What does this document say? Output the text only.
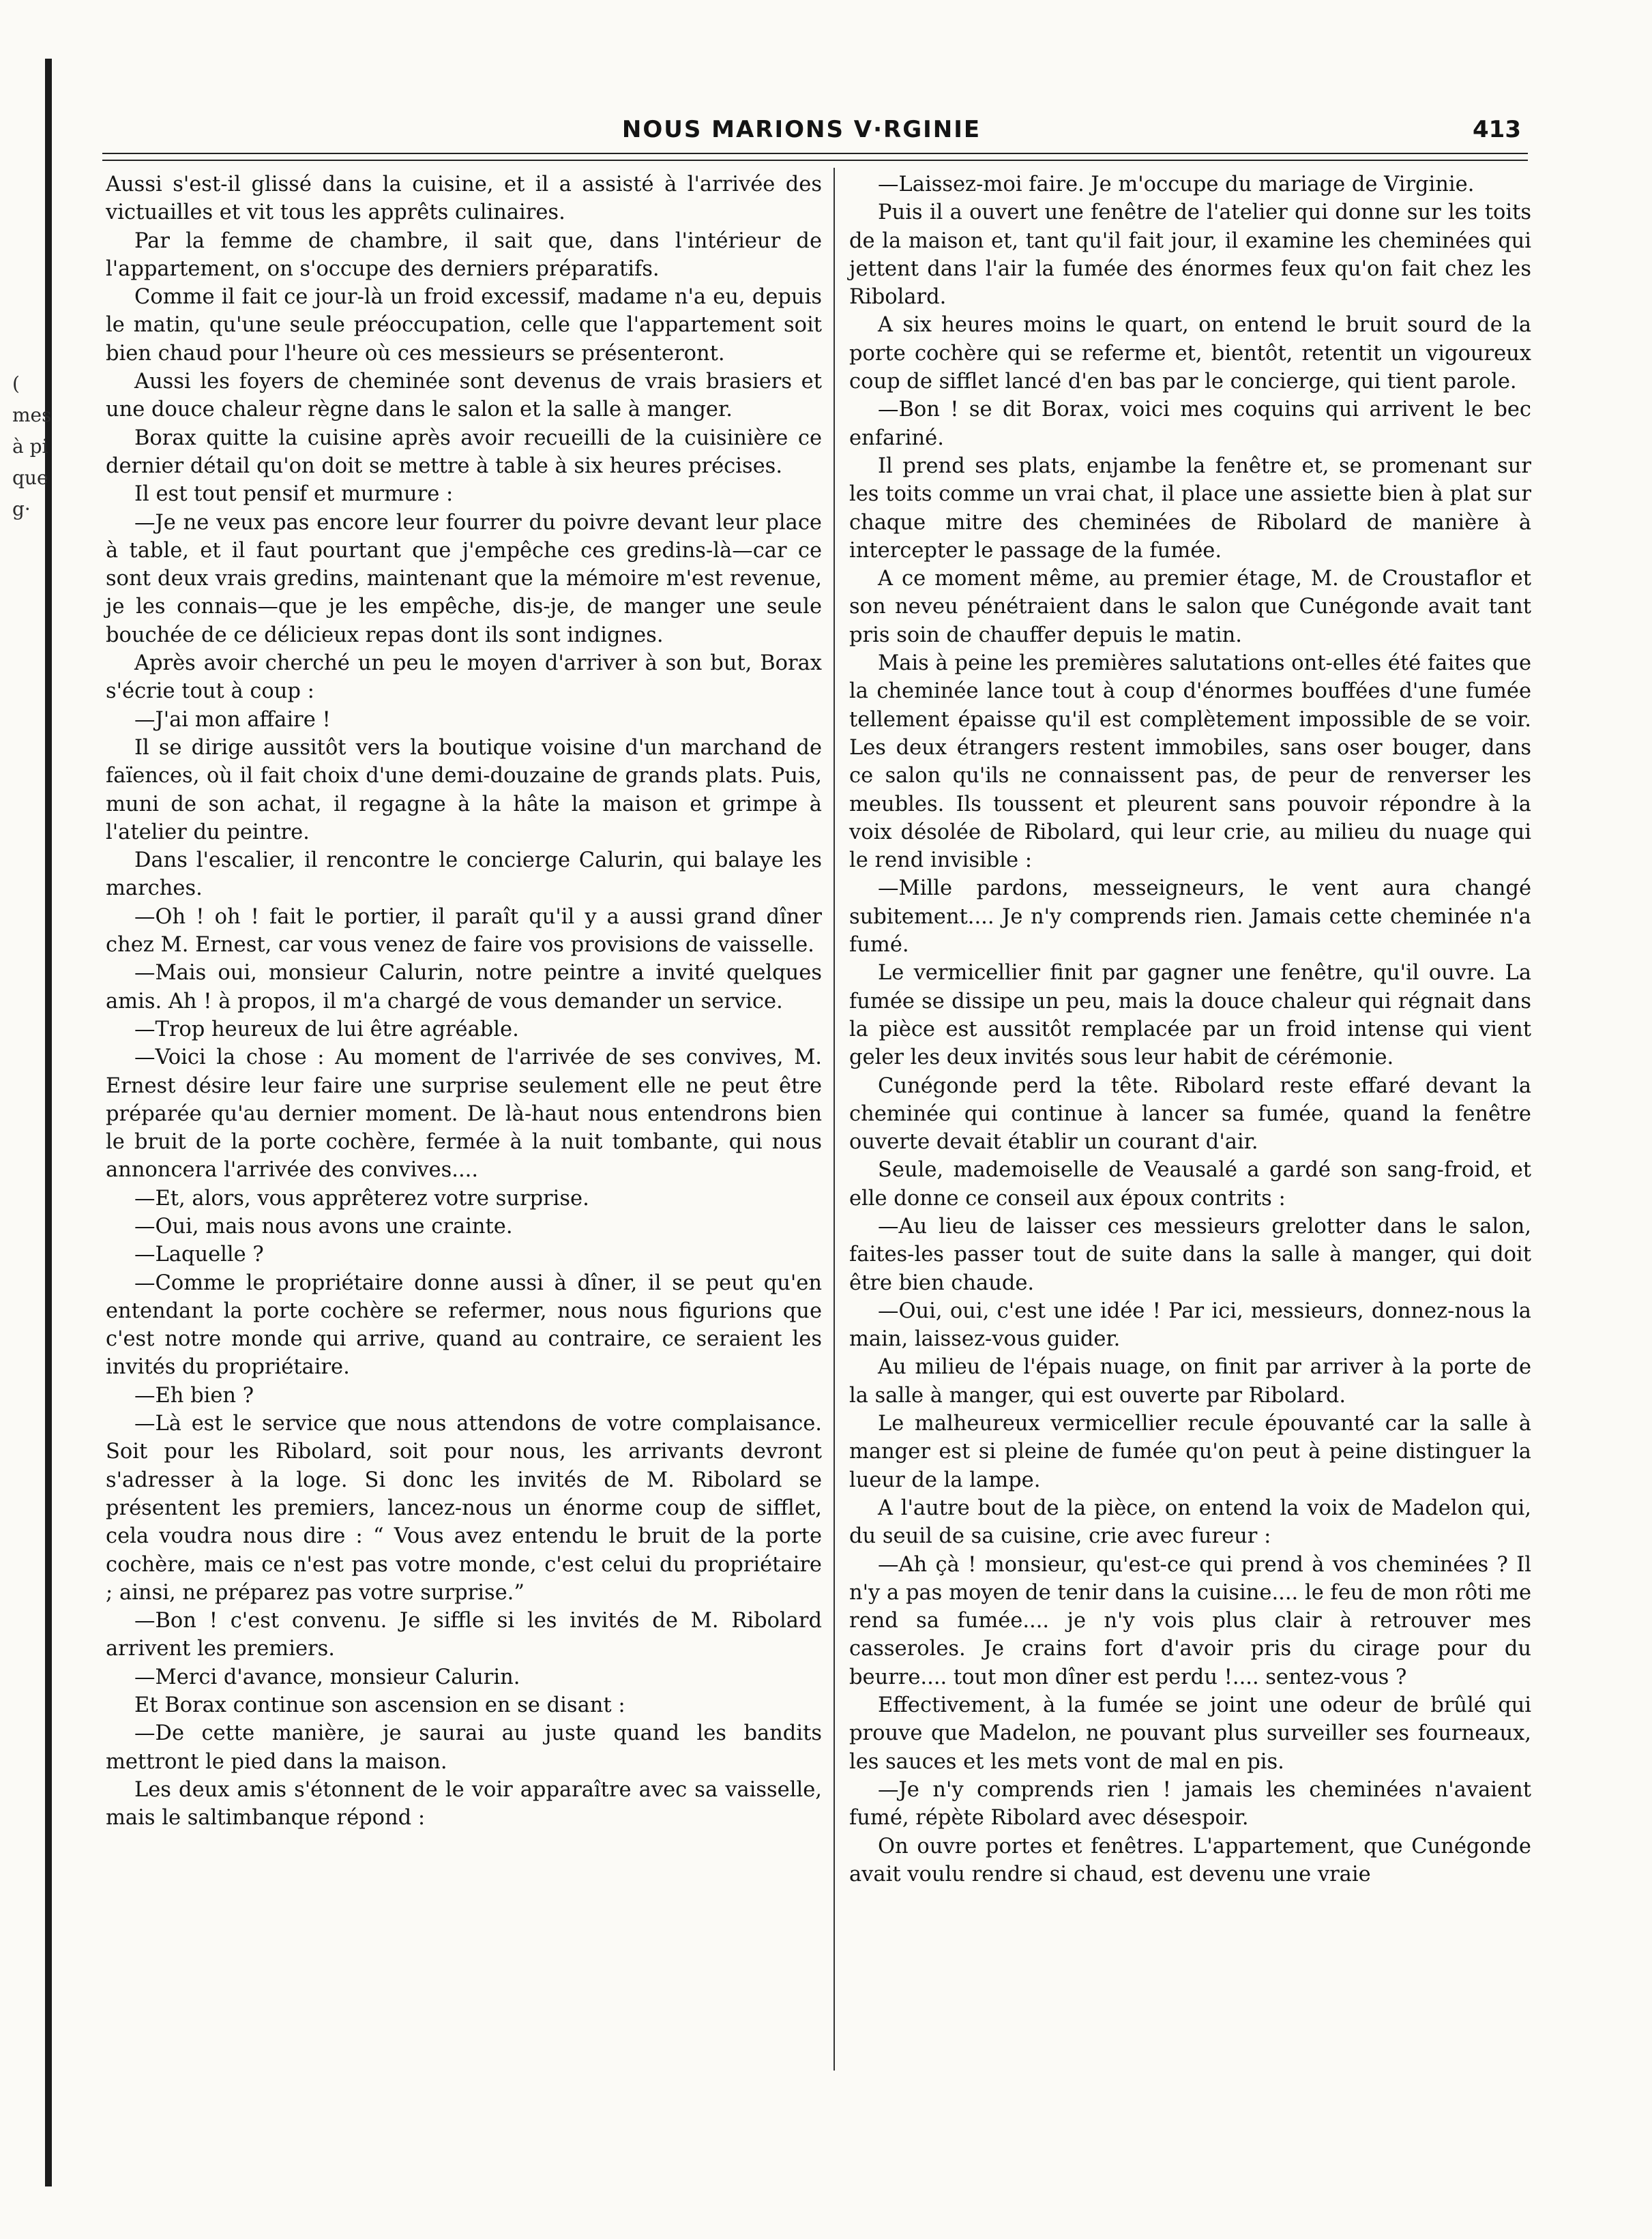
(
mes
à pi
que
g·
NOUS MARIONS V·RGINIE	413

Aussi s'est-il glissé dans la cuisine, et il a assisté à l'arrivée des victuailles et vit tous les apprêts culinaires.

Par la femme de chambre, il sait que, dans l'intérieur de l'appartement, on s'occupe des derniers préparatifs.

Comme il fait ce jour-là un froid excessif, madame n'a eu, depuis le matin, qu'une seule préoccupation, celle que l'appartement soit bien chaud pour l'heure où ces messieurs se présenteront.

Aussi les foyers de cheminée sont devenus de vrais brasiers et une douce chaleur règne dans le salon et la salle à manger.

Borax quitte la cuisine après avoir recueilli de la cuisinière ce dernier détail qu'on doit se mettre à table à six heures précises.

Il est tout pensif et murmure :

—Je ne veux pas encore leur fourrer du poivre devant leur place à table, et il faut pourtant que j'empêche ces gredins-là—car ce sont deux vrais gredins, maintenant que la mémoire m'est revenue, je les connais—que je les empêche, dis-je, de manger une seule bouchée de ce délicieux repas dont ils sont indignes.

Après avoir cherché un peu le moyen d'arriver à son but, Borax s'écrie tout à coup :

—J'ai mon affaire !

Il se dirige aussitôt vers la boutique voisine d'un marchand de faïences, où il fait choix d'une demi-douzaine de grands plats. Puis, muni de son achat, il regagne à la hâte la maison et grimpe à l'atelier du peintre.

Dans l'escalier, il rencontre le concierge Calurin, qui balaye les marches.

—Oh ! oh ! fait le portier, il paraît qu'il y a aussi grand dîner chez M. Ernest, car vous venez de faire vos provisions de vaisselle.

—Mais oui, monsieur Calurin, notre peintre a invité quelques amis. Ah ! à propos, il m'a chargé de vous demander un service.

—Trop heureux de lui être agréable.

—Voici la chose : Au moment de l'arrivée de ses convives, M. Ernest désire leur faire une surprise seulement elle ne peut être préparée qu'au dernier moment. De là-haut nous entendrons bien le bruit de la porte cochère, fermée à la nuit tombante, qui nous annoncera l'arrivée des convives....

—Et, alors, vous apprêterez votre surprise.

—Oui, mais nous avons une crainte.

—Laquelle ?

—Comme le propriétaire donne aussi à dîner, il se peut qu'en entendant la porte cochère se refermer, nous nous figurions que c'est notre monde qui arrive, quand au contraire, ce seraient les invités du propriétaire.

—Eh bien ?

—Là est le service que nous attendons de votre complaisance. Soit pour les Ribolard, soit pour nous, les arrivants devront s'adresser à la loge. Si donc les invités de M. Ribolard se présentent les premiers, lancez-nous un énorme coup de sifflet, cela voudra nous dire : “ Vous avez entendu le bruit de la porte cochère, mais ce n'est pas votre monde, c'est celui du propriétaire ; ainsi, ne préparez pas votre surprise.”

—Bon ! c'est convenu. Je siffle si les invités de M. Ribolard arrivent les premiers.

—Merci d'avance, monsieur Calurin.

Et Borax continue son ascension en se disant :

—De cette manière, je saurai au juste quand les bandits mettront le pied dans la maison.

Les deux amis s'étonnent de le voir apparaître avec sa vaisselle, mais le saltimbanque répond :

—Laissez-moi faire. Je m'occupe du mariage de Virginie.

Puis il a ouvert une fenêtre de l'atelier qui donne sur les toits de la maison et, tant qu'il fait jour, il examine les cheminées qui jettent dans l'air la fumée des énormes feux qu'on fait chez les Ribolard.

A six heures moins le quart, on entend le bruit sourd de la porte cochère qui se referme et, bientôt, retentit un vigoureux coup de sifflet lancé d'en bas par le concierge, qui tient parole.

—Bon ! se dit Borax, voici mes coquins qui arrivent le bec enfariné.

Il prend ses plats, enjambe la fenêtre et, se promenant sur les toits comme un vrai chat, il place une assiette bien à plat sur chaque mitre des cheminées de Ribolard de manière à intercepter le passage de la fumée.

A ce moment même, au premier étage, M. de Croustaflor et son neveu pénétraient dans le salon que Cunégonde avait tant pris soin de chauffer depuis le matin.

Mais à peine les premières salutations ont-elles été faites que la cheminée lance tout à coup d'énormes bouffées d'une fumée tellement épaisse qu'il est complètement impossible de se voir. Les deux étrangers restent immobiles, sans oser bouger, dans ce salon qu'ils ne connaissent pas, de peur de renverser les meubles. Ils toussent et pleurent sans pouvoir répondre à la voix désolée de Ribolard, qui leur crie, au milieu du nuage qui le rend invisible :

—Mille pardons, messeigneurs, le vent aura changé subitement.... Je n'y comprends rien. Jamais cette cheminée n'a fumé.

Le vermicellier finit par gagner une fenêtre, qu'il ouvre. La fumée se dissipe un peu, mais la douce chaleur qui régnait dans la pièce est aussitôt remplacée par un froid intense qui vient geler les deux invités sous leur habit de cérémonie.

Cunégonde perd la tête. Ribolard reste effaré devant la cheminée qui continue à lancer sa fumée, quand la fenêtre ouverte devait établir un courant d'air.

Seule, mademoiselle de Veausalé a gardé son sang-froid, et elle donne ce conseil aux époux contrits :

—Au lieu de laisser ces messieurs grelotter dans le salon, faites-les passer tout de suite dans la salle à manger, qui doit être bien chaude.

—Oui, oui, c'est une idée ! Par ici, messieurs, donnez-nous la main, laissez-vous guider.

Au milieu de l'épais nuage, on finit par arriver à la porte de la salle à manger, qui est ouverte par Ribolard.

Le malheureux vermicellier recule épouvanté car la salle à manger est si pleine de fumée qu'on peut à peine distinguer la lueur de la lampe.

A l'autre bout de la pièce, on entend la voix de Madelon qui, du seuil de sa cuisine, crie avec fureur :

—Ah çà ! monsieur, qu'est-ce qui prend à vos cheminées ? Il n'y a pas moyen de tenir dans la cuisine.... le feu de mon rôti me rend sa fumée.... je n'y vois plus clair à retrouver mes casseroles. Je crains fort d'avoir pris du cirage pour du beurre.... tout mon dîner est perdu !.... sentez-vous ?

Effectivement, à la fumée se joint une odeur de brûlé qui prouve que Madelon, ne pouvant plus surveiller ses fourneaux, les sauces et les mets vont de mal en pis.

—Je n'y comprends rien ! jamais les cheminées n'avaient fumé, répète Ribolard avec désespoir.

On ouvre portes et fenêtres. L'appartement, que Cunégonde avait voulu rendre si chaud, est devenu une vraie
